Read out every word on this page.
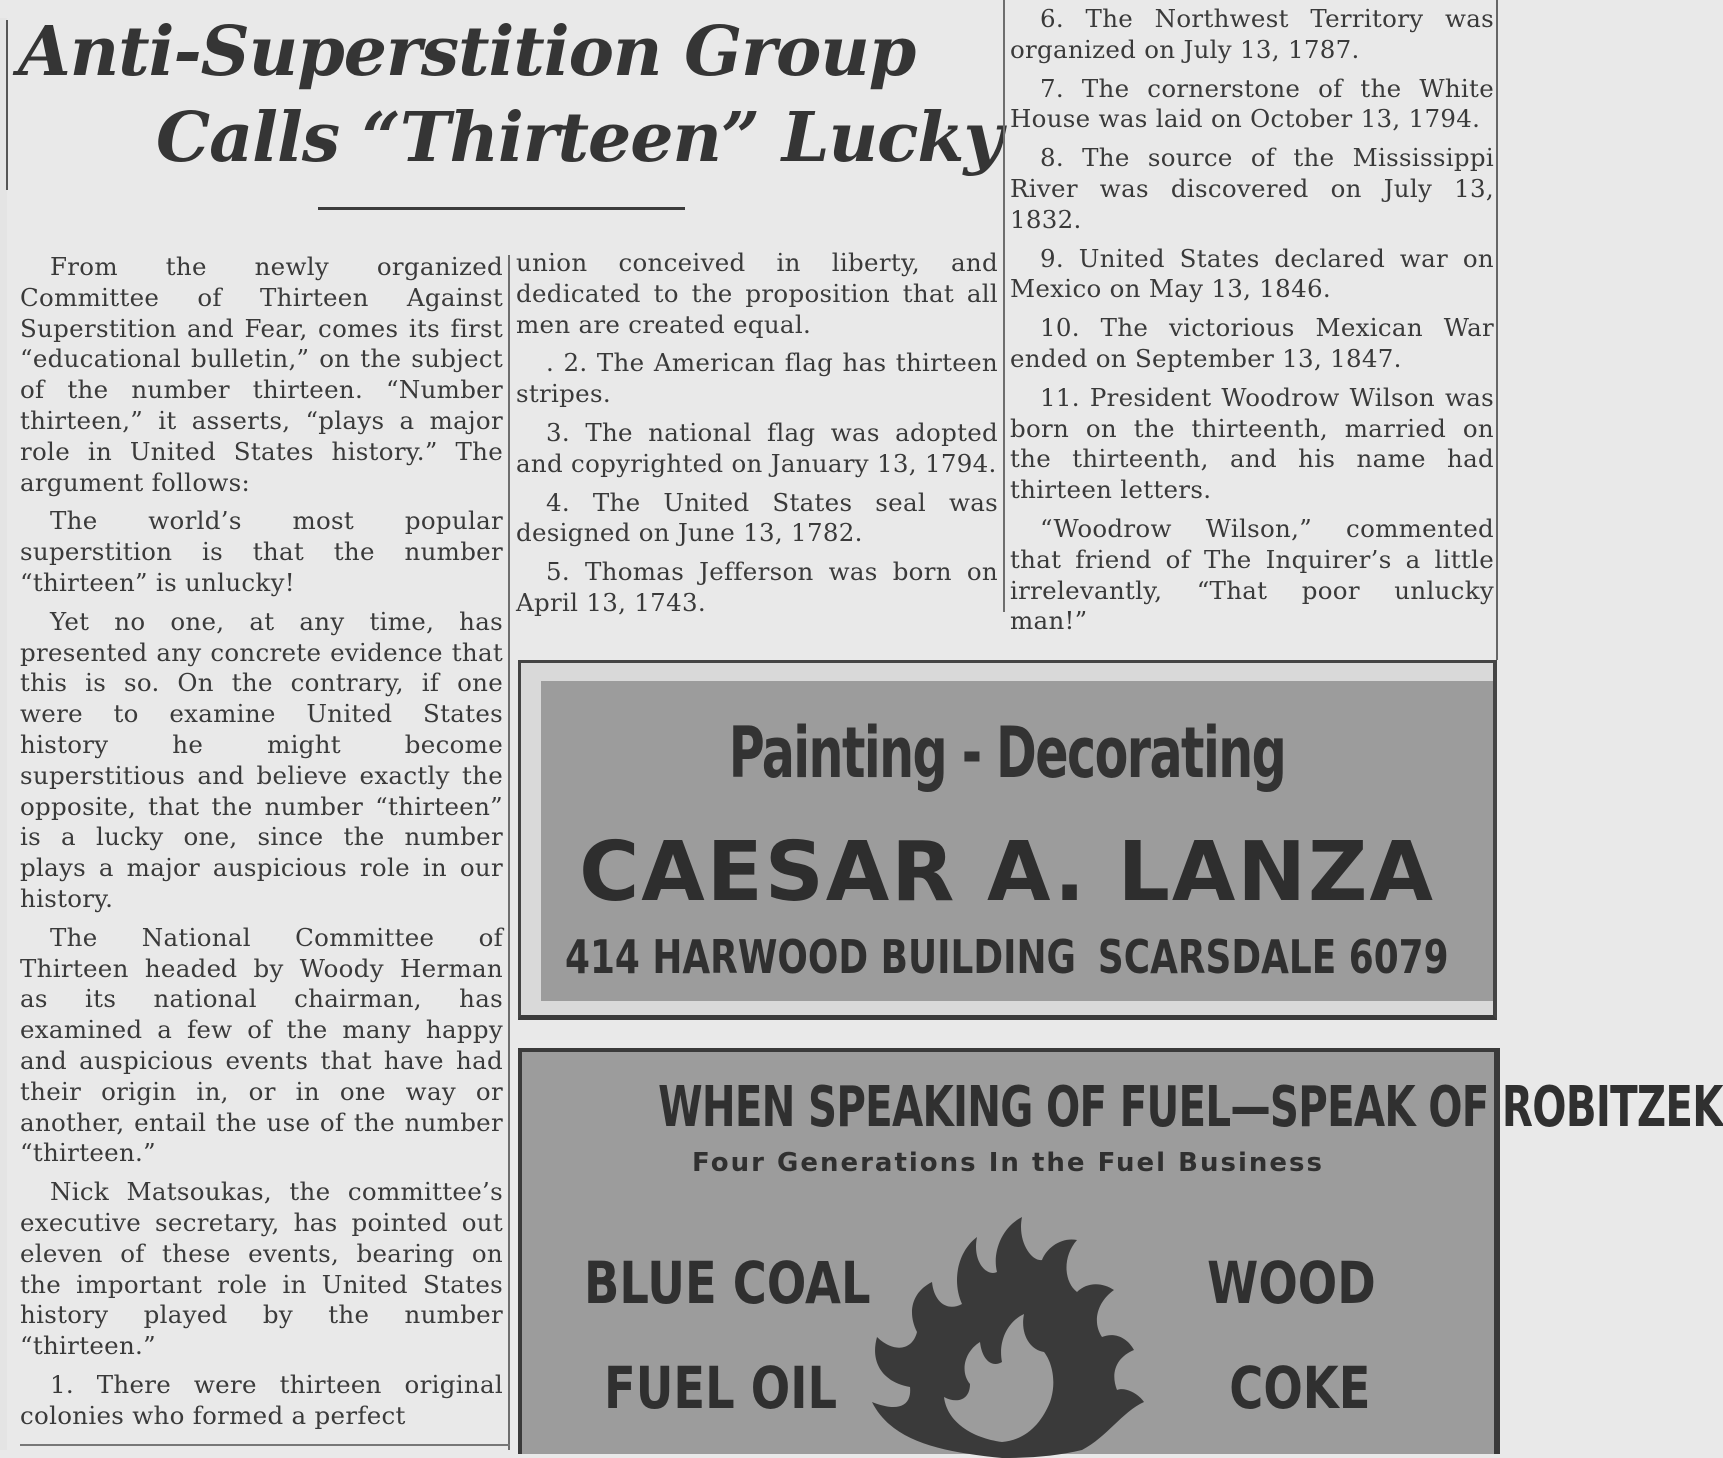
Anti-Superstition Group
Calls “Thirteen” Lucky

From the newly organized Committee of Thirteen Against Superstition and Fear, comes its first “educational bulletin,” on the subject of the number thirteen. “Number thirteen,” it asserts, “plays a major role in United States history.” The argument follows:

The world’s most popular superstition is that the number “thirteen” is unlucky!

Yet no one, at any time, has presented any concrete evidence that this is so. On the contrary, if one were to examine United States history he might become superstitious and believe exactly the opposite, that the number “thirteen” is a lucky one, since the number plays a major auspicious role in our history.

The National Committee of Thirteen headed by Woody Herman as its national chairman, has examined a few of the many happy and auspicious events that have had their origin in, or in one way or another, entail the use of the number “thirteen.”

Nick Matsoukas, the committee’s executive secretary, has pointed out eleven of these events, bearing on the important role in United States history played by the number “thirteen.”

1. There were thirteen original colonies who formed a perfect

union conceived in liberty, and dedicated to the proposition that all men are created equal.

. 2. The American flag has thirteen stripes.

3. The national flag was adopted and copyrighted on January 13, 1794.

4. The United States seal was designed on June 13, 1782.

5. Thomas Jefferson was born on April 13, 1743.

6. The Northwest Territory was organized on July 13, 1787.

7. The cornerstone of the White House was laid on October 13, 1794.

8. The source of the Mississippi River was discovered on July 13, 1832.

9. United States declared war on Mexico on May 13, 1846.

10. The victorious Mexican War ended on September 13, 1847.

11. President Woodrow Wilson was born on the thirteenth, married on the thirteenth, and his name had thirteen letters.

“Woodrow Wilson,” commented that friend of The Inquirer’s a little irrelevantly, “That poor unlucky man!”

Painting - Decorating
CAESAR A. LANZA
414 HARWOOD BUILDING SCARSDALE 6079
WHEN SPEAKING OF FUEL—SPEAK OF ROBITZEK
Four Generations In the Fuel Business
BLUE COAL	WOOD
FUEL OIL	COKE
